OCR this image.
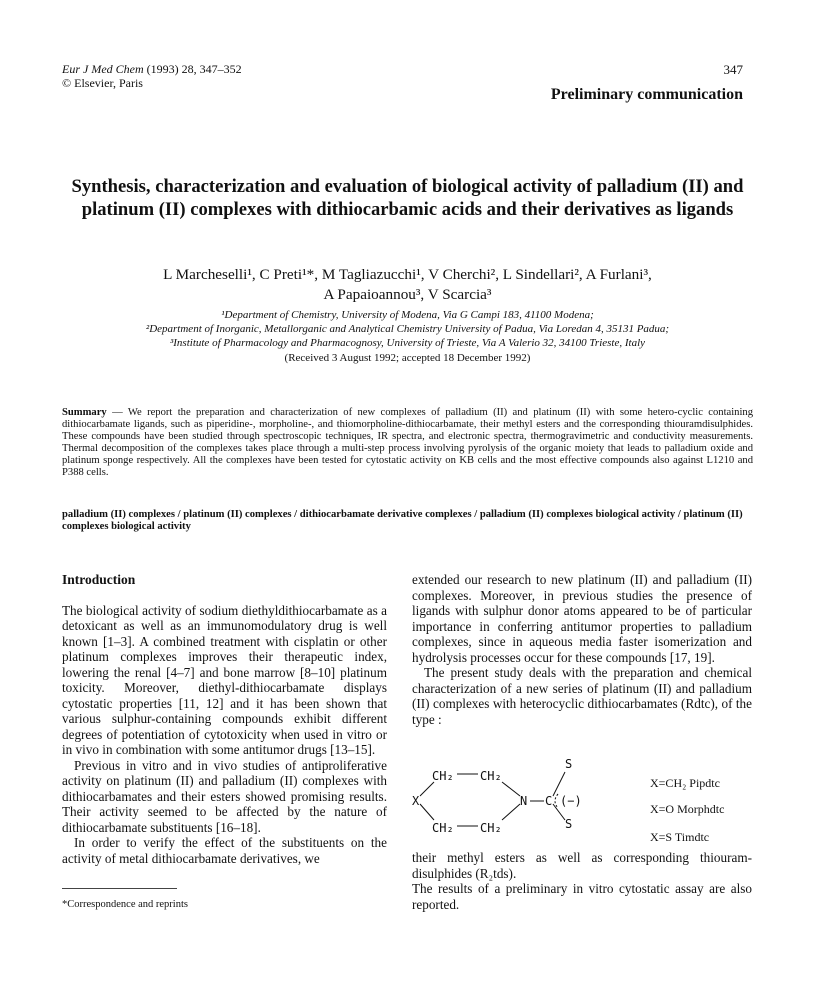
Eur J Med Chem (1993) 28, 347–352
© Elsevier, Paris
347
Preliminary communication
Synthesis, characterization and evaluation of biological activity of palladium (II) and platinum (II) complexes with dithiocarbamic acids and their derivatives as ligands
L Marcheselli¹, C Preti¹*, M Tagliazucchi¹, V Cherchi², L Sindellari², A Furlani³,
A Papaioannou³, V Scarcia³
¹Department of Chemistry, University of Modena, Via G Campi 183, 41100 Modena;
²Department of Inorganic, Metallorganic and Analytical Chemistry University of Padua, Via Loredan 4, 35131 Padua;
³Institute of Pharmacology and Pharmacognosy, University of Trieste, Via A Valerio 32, 34100 Trieste, Italy
(Received 3 August 1992; accepted 18 December 1992)
Summary — We report the preparation and characterization of new complexes of palladium (II) and platinum (II) with some hetero-cyclic containing dithiocarbamate ligands, such as piperidine-, morpholine-, and thiomorpholine-dithiocarbamate, their methyl esters and the corresponding thiouramdisulphides. These compounds have been studied through spectroscopic techniques, IR spectra, and electronic spectra, thermogravimetric and conductivity measurements. Thermal decomposition of the complexes takes place through a multi-step process involving pyrolysis of the organic moiety that leads to palladium oxide and platinum sponge respectively. All the complexes have been tested for cytostatic activity on KB cells and the most effective compounds also against L1210 and P388 cells.
palladium (II) complexes / platinum (II) complexes / dithiocarbamate derivative complexes / palladium (II) complexes biological activity / platinum (II) complexes biological activity

Introduction

The biological activity of sodium diethyldithiocarbamate as a detoxicant as well as an immunomodulatory drug is well known [1–3]. A combined treatment with cisplatin or other platinum complexes improves their therapeutic index, lowering the renal [4–7] and bone marrow [8–10] platinum toxicity. Moreover, diethyl-dithiocarbamate displays cytostatic properties [11, 12] and it has been shown that various sulphur-containing compounds exhibit different degrees of potentiation of cytotoxicity when used in vitro or in vivo in combination with some antitumor drugs [13–15].

Previous in vitro and in vivo studies of antiproliferative activity on platinum (II) and palladium (II) complexes with dithiocarbamates and their esters showed promising results. Their activity seemed to be affected by the nature of dithiocarbamate substituents [16–18].

In order to verify the effect of the substituents on the activity of metal dithiocarbamate derivatives, we

*Correspondence and reprints

extended our research to new platinum (II) and palladium (II) complexes. Moreover, in previous studies the presence of ligands with sulphur donor atoms appeared to be of particular importance in conferring antitumor properties to palladium complexes, since in aqueous media faster isomerization and hydrolysis processes occur for these compounds [17, 19].

The present study deals with the preparation and chemical characterization of a new series of platinum (II) and palladium (II) complexes with heterocyclic dithiocarbamates (Rdtc), of the type :

CH₂ CH₂
CH₂ CH₂
X	N C
S
S
(−)
X=CH₂ Pipdtc
X=O Morphdtc
X=S Timdtc

their methyl esters as well as corresponding thiouram-disulphides (R₂tds).

The results of a preliminary in vitro cytostatic assay are also reported.
